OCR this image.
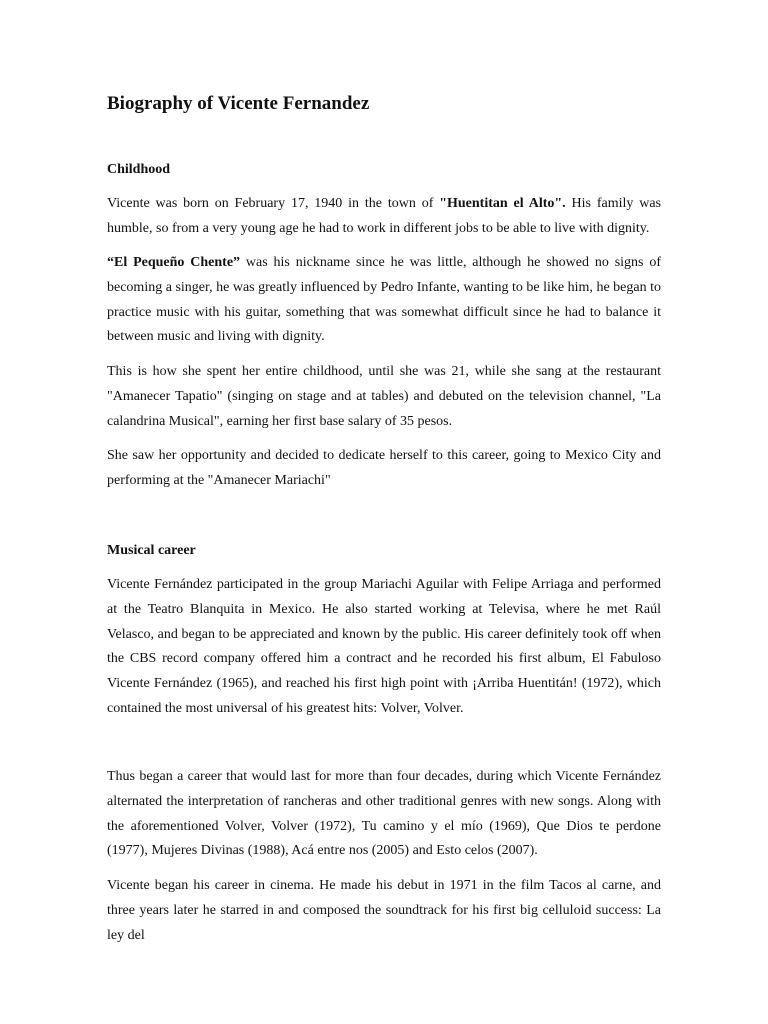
Biography of Vicente Fernandez
Childhood

Vicente was born on February 17, 1940 in the town of "Huentitan el Alto". His family was humble, so from a very young age he had to work in different jobs to be able to live with dignity.

“El Pequeño Chente” was his nickname since he was little, although he showed no signs of becoming a singer, he was greatly influenced by Pedro Infante, wanting to be like him, he began to practice music with his guitar, something that was somewhat difficult since he had to balance it between music and living with dignity.

This is how she spent her entire childhood, until she was 21, while she sang at the restaurant "Amanecer Tapatio" (singing on stage and at tables) and debuted on the television channel, "La calandrina Musical", earning her first base salary of 35 pesos.

She saw her opportunity and decided to dedicate herself to this career, going to Mexico City and performing at the "Amanecer Mariachi"

Musical career

Vicente Fernández participated in the group Mariachi Aguilar with Felipe Arriaga and performed at the Teatro Blanquita in Mexico. He also started working at Televisa, where he met Raúl Velasco, and began to be appreciated and known by the public. His career definitely took off when the CBS record company offered him a contract and he recorded his first album, El Fabuloso Vicente Fernández (1965), and reached his first high point with ¡Arriba Huentitán! (1972), which contained the most universal of his greatest hits: Volver, Volver.

Thus began a career that would last for more than four decades, during which Vicente Fernández alternated the interpretation of rancheras and other traditional genres with new songs. Along with the aforementioned Volver, Volver (1972), Tu camino y el mío (1969), Que Dios te perdone (1977), Mujeres Divinas (1988), Acá entre nos (2005) and Esto celos (2007).

Vicente began his career in cinema. He made his debut in 1971 in the film Tacos al carne, and three years later he starred in and composed the soundtrack for his first big celluloid success: La ley del
